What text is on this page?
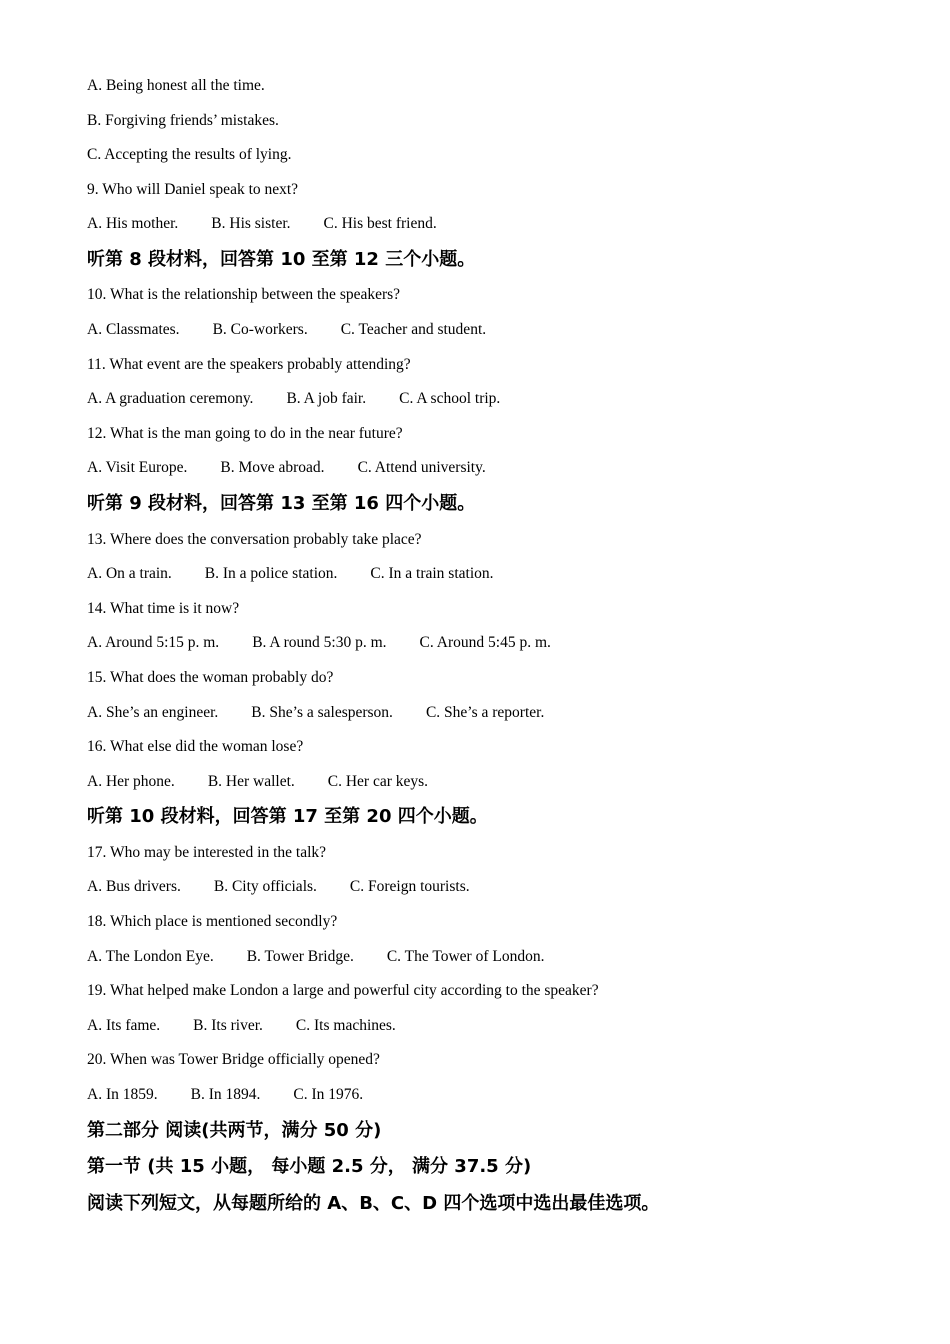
A. Being honest all the time.
B. Forgiving friends’ mistakes.
C. Accepting the results of lying.
9. Who will Daniel speak to next?
A. His mother. B. His sister. C. His best friend.
听第 8 段材料，回答第 10 至第 12 三个小题。
10. What is the relationship between the speakers?
A. Classmates. B. Co-workers. C. Teacher and student.
11. What event are the speakers probably attending?
A. A graduation ceremony. B. A job fair. C. A school trip.
12. What is the man going to do in the near future?
A. Visit Europe. B. Move abroad. C. Attend university.
听第 9 段材料，回答第 13 至第 16 四个小题。
13. Where does the conversation probably take place?
A. On a train. B. In a police station. C. In a train station.
14. What time is it now?
A. Around 5:15 p. m. B. A round 5:30 p. m. C. Around 5:45 p. m.
15. What does the woman probably do?
A. She’s an engineer. B. She’s a salesperson. C. She’s a reporter.
16. What else did the woman lose?
A. Her phone. B. Her wallet. C. Her car keys.
听第 10 段材料，回答第 17 至第 20 四个小题。
17. Who may be interested in the talk?
A. Bus drivers. B. City officials. C. Foreign tourists.
18. Which place is mentioned secondly?
A. The London Eye. B. Tower Bridge. C. The Tower of London.
19. What helped make London a large and powerful city according to the speaker?
A. Its fame. B. Its river. C. Its machines.
20. When was Tower Bridge officially opened?
A. In 1859. B. In 1894. C. In 1976.
第二部分 阅读(共两节，满分 50 分)
第一节 (共 15 小题， 每小题 2.5 分， 满分 37.5 分)
阅读下列短文，从每题所给的 A、B、C、D 四个选项中选出最佳选项。
